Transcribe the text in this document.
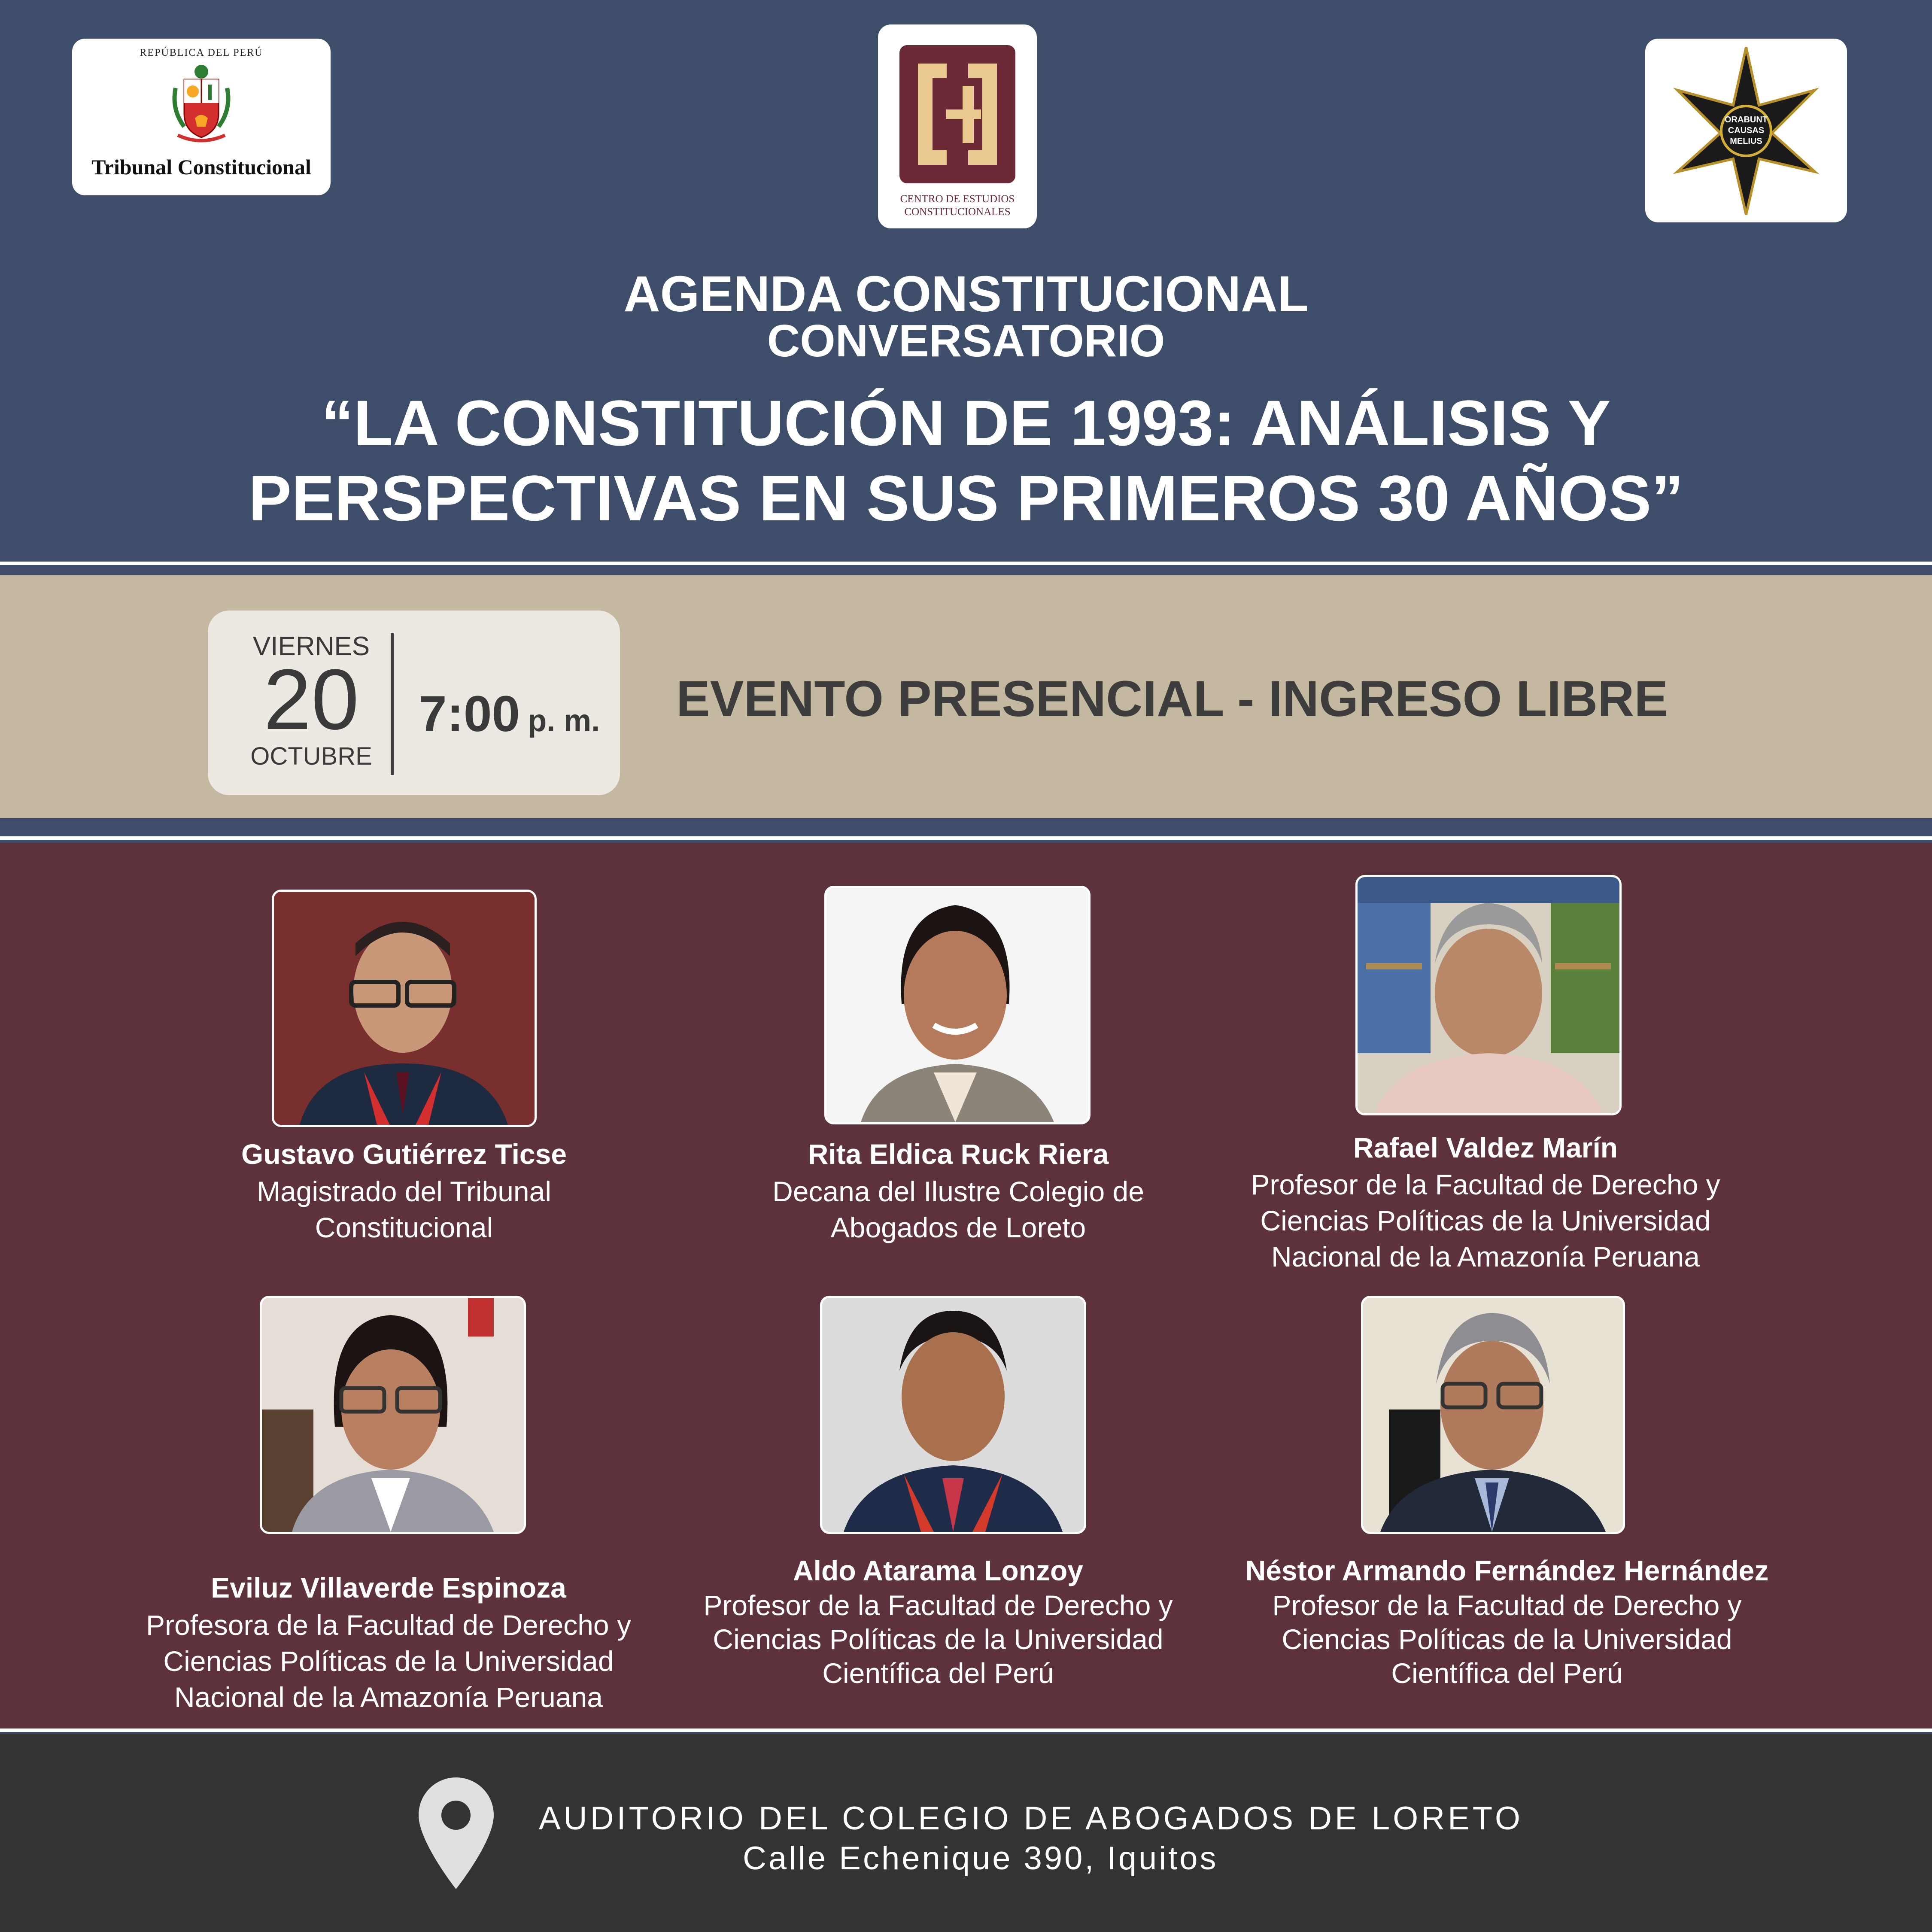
REPÚBLICA DEL PERÚ
Tribunal Constitucional
CENTRO DE ESTUDIOS
CONSTITUCIONALES
ORABUNT
CAUSAS
MELIUS
AGENDA CONSTITUCIONAL
CONVERSATORIO
“LA CONSTITUCIÓN DE 1993: ANÁLISIS Y
PERSPECTIVAS EN SUS PRIMEROS 30 AÑOS”
VIERNES
20
OCTUBRE
7:00 p. m. EVENTO PRESENCIAL - INGRESO LIBRE
Gustavo Gutiérrez Ticse
Magistrado del Tribunal
Constitucional
Rita Eldica Ruck Riera
Decana del Ilustre Colegio de
Abogados de Loreto
Rafael Valdez Marín
Profesor de la Facultad de Derecho y
Ciencias Políticas de la Universidad
Nacional de la Amazonía Peruana
Eviluz Villaverde Espinoza
Profesora de la Facultad de Derecho y
Ciencias Políticas de la Universidad
Nacional de la Amazonía Peruana
Aldo Atarama Lonzoy
Profesor de la Facultad de Derecho y
Ciencias Políticas de la Universidad
Científica del Perú
Néstor Armando Fernández Hernández
Profesor de la Facultad de Derecho y
Ciencias Políticas de la Universidad
Científica del Perú
AUDITORIO DEL COLEGIO DE ABOGADOS DE LORETO
Calle Echenique 390, Iquitos
